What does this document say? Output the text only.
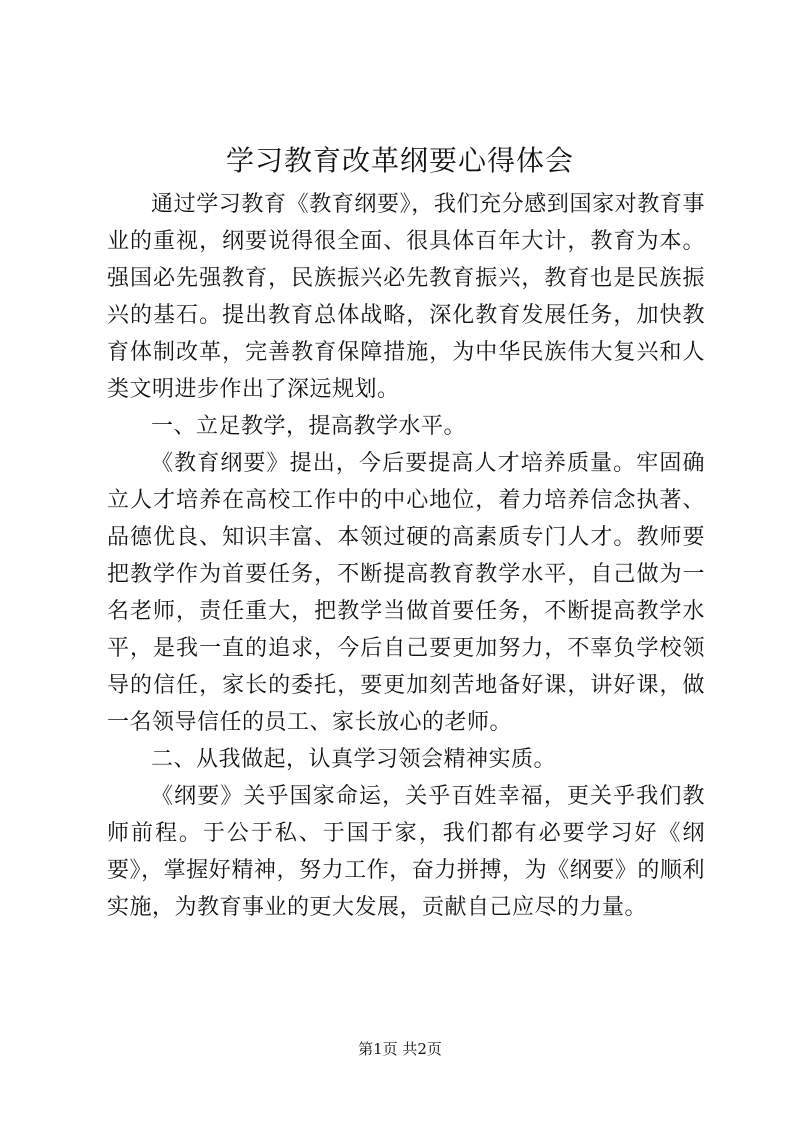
学习教育改革纲要心得体会

通过学习教育《教育纲要》，我们充分感到国家对教育事业的重视，纲要说得很全面、很具体百年大计，教育为本。强国必先强教育，民族振兴必先教育振兴，教育也是民族振兴的基石。提出教育总体战略，深化教育发展任务，加快教育体制改革，完善教育保障措施，为中华民族伟大复兴和人类文明进步作出了深远规划。

一、立足教学，提高教学水平。

《教育纲要》提出，今后要提高人才培养质量。牢固确立人才培养在高校工作中的中心地位，着力培养信念执著、品德优良、知识丰富、本领过硬的高素质专门人才。教师要把教学作为首要任务，不断提高教育教学水平，自己做为一名老师，责任重大，把教学当做首要任务，不断提高教学水平，是我一直的追求，今后自己要更加努力，不辜负学校领导的信任，家长的委托，要更加刻苦地备好课，讲好课，做一名领导信任的员工、家长放心的老师。

二、从我做起，认真学习领会精神实质。

《纲要》关乎国家命运，关乎百姓幸福，更关乎我们教师前程。于公于私、于国于家，我们都有必要学习好《纲要》，掌握好精神，努力工作，奋力拼搏，为《纲要》的顺利实施，为教育事业的更大发展，贡献自己应尽的力量。

第1页 共2页
